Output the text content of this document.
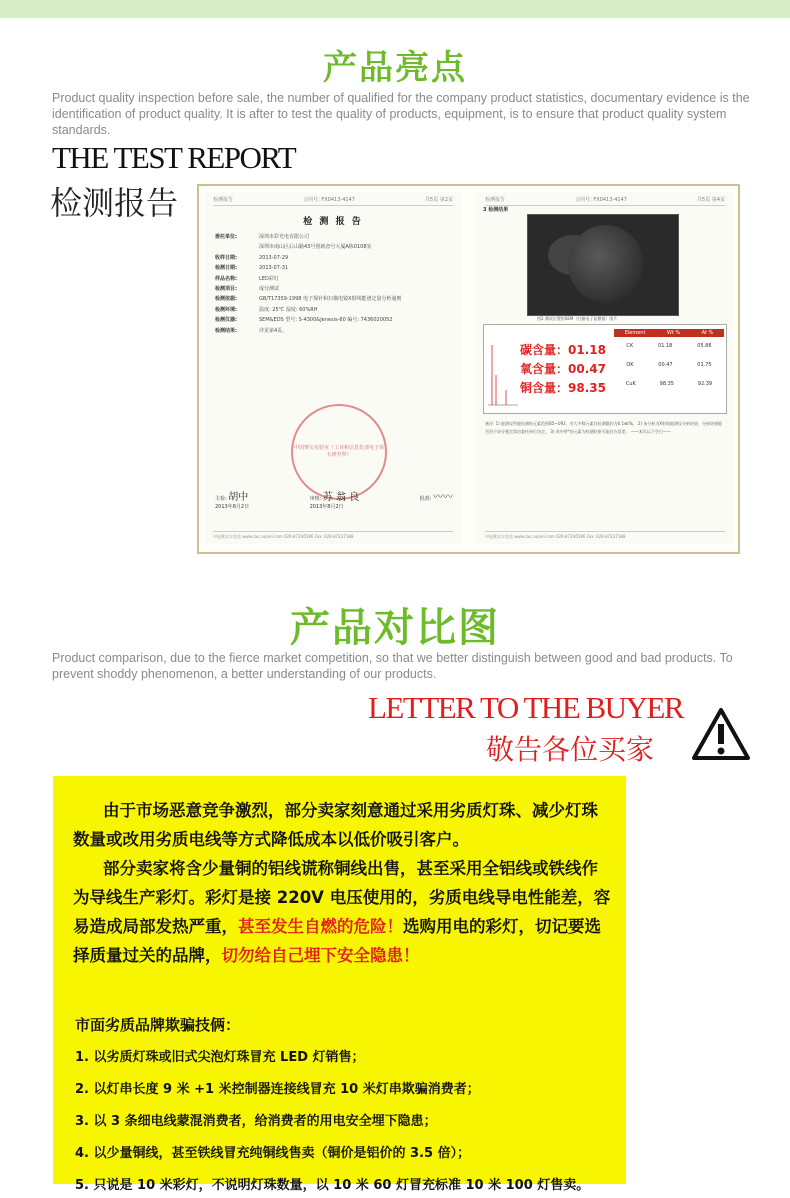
产品亮点
Product quality inspection before sale, the number of qualified for the company product statistics, documentary evidence is the identification of product quality. It is after to test the quality of products, equipment, is to ensure that product quality system standards.
THE TEST REPORT
检测报告	检测报告	合同号: FX0413-4147	共5页 第2页
检 测 报 告
委托单位:	深圳市彩光电有限公司
深圳市南山区后山路43号创新恋号大厦A栋0108室
收样日期:	2013-07-29
检测日期:	2013-07-31
样品名称:	LED彩灯
检测项目:	成分测试
检测依据:	GB/T17359-1998 电子探针和扫描电镜X射线能谱定量分析通则
检测环境:	温度: 25℃ 湿度: 60%RH
检测仪器:	SEM&EDS 型号: S-4300&Jenesis-60 编号: 7436020052
检测结果:	详见第4页。
中国赛宝实验室（工业和信息化部电子第五研究所）
主检: 胡中
2013年8月2日
审核: 苏 翁 良
2013年8月2日
批准: 〰〰
中国赛宝实验室 www.rac.ceprei.com 020-87236586 Fax: 020-87237188
检测报告	合同号: FX0413-4147	共5页 第4页
3 检测结果
图2 测试位置的SEM（扫描电子显微镜）图片
碳含量：01.18
氧含量：00.47
铜含量：98.35
Element	Wt %	At %
CK	01.18	05.86
OK	00.47	01.75
CuK	98.35	92.39
备注: 1) 能谱仪所能检测的元素范围B5~U92，对大多数元素其检测限约为0.1wt%。 2) 该分析为X射线能谱仪分析结果，分析结果能否用于成分鉴定需由委托单位决定。 3) 表中带*的元素为检测结果可能存在误差。 ——本页以下空白——
中国赛宝实验室 www.rac.ceprei.com 020-87236586 Fax: 020-87237188
产品对比图
Product comparison, due to the fierce market competition, so that we better distinguish between good and bad products. To prevent shoddy phenomenon, a better understanding of our products.
LETTER TO THE BUYER
敬告各位买家
由于市场恶意竞争激烈，部分卖家刻意通过采用劣质灯珠、减少灯珠数量或改用劣质电线等方式降低成本以低价吸引客户。
部分卖家将含少量铜的铝线谎称铜线出售，甚至采用全铝线或铁线作为导线生产彩灯。彩灯是接 220V 电压使用的，劣质电线导电性能差，容易造成局部发热严重，甚至发生自燃的危险！选购用电的彩灯，切记要选择质量过关的品牌，切勿给自己埋下安全隐患！
市面劣质品牌欺骗技俩：
1. 以劣质灯珠或旧式尖泡灯珠冒充 LED 灯销售；
2. 以灯串长度 9 米 +1 米控制器连接线冒充 10 米灯串欺骗消费者；
3. 以 3 条细电线蒙混消费者，给消费者的用电安全埋下隐患；
4. 以少量铜线，甚至铁线冒充纯铜线售卖（铜价是铝价的 3.5 倍）；
5. 只说是 10 米彩灯，不说明灯珠数量，以 10 米 60 灯冒充标准 10 米 100 灯售卖。
